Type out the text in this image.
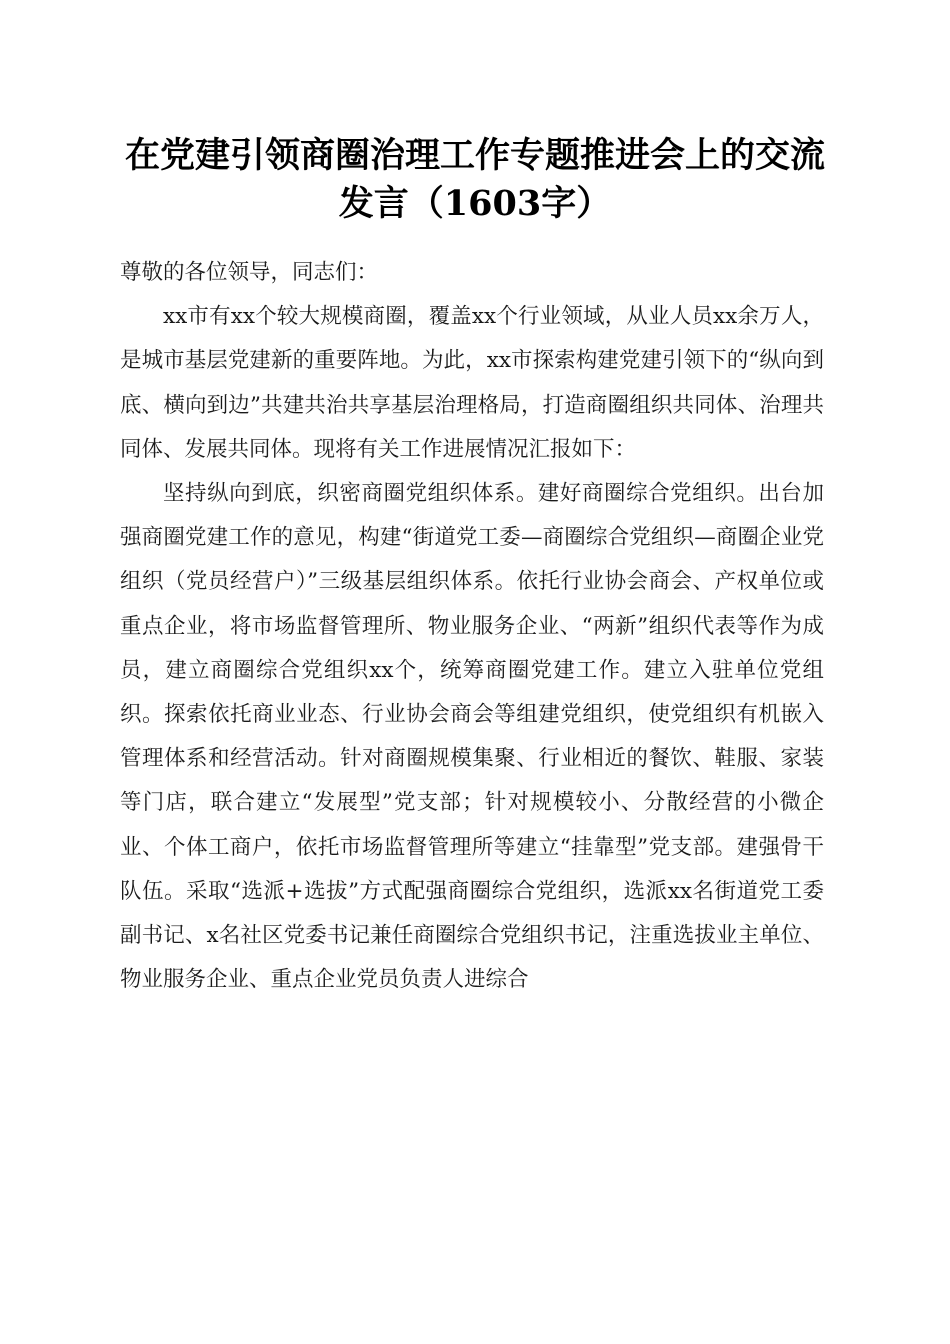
在党建引领商圈治理工作专题推进会上的交流
发言（1603字）

尊敬的各位领导，同志们：

xx市有xx个较大规模商圈，覆盖xx个行业领域，从业人员xx余万人，是城市基层党建新的重要阵地。为此，xx市探索构建党建引领下的“纵向到底、横向到边”共建共治共享基层治理格局，打造商圈组织共同体、治理共同体、发展共同体。现将有关工作进展情况汇报如下：

坚持纵向到底，织密商圈党组织体系。建好商圈综合党组织。出台加强商圈党建工作的意见，构建“街道党工委—商圈综合党组织—商圈企业党组织（党员经营户）”三级基层组织体系。依托行业协会商会、产权单位或重点企业，将市场监督管理所、物业服务企业、“两新”组织代表等作为成员，建立商圈综合党组织xx个，统筹商圈党建工作。建立入驻单位党组织。探索依托商业业态、行业协会商会等组建党组织，使党组织有机嵌入管理体系和经营活动。针对商圈规模集聚、行业相近的餐饮、鞋服、家装等门店，联合建立“发展型”党支部；针对规模较小、分散经营的小微企业、个体工商户，依托市场监督管理所等建立“挂靠型”党支部。建强骨干队伍。采取“选派+选拔”方式配强商圈综合党组织，选派xx名街道党工委副书记、x名社区党委书记兼任商圈综合党组织书记，注重选拔业主单位、物业服务企业、重点企业党员负责人进综合
